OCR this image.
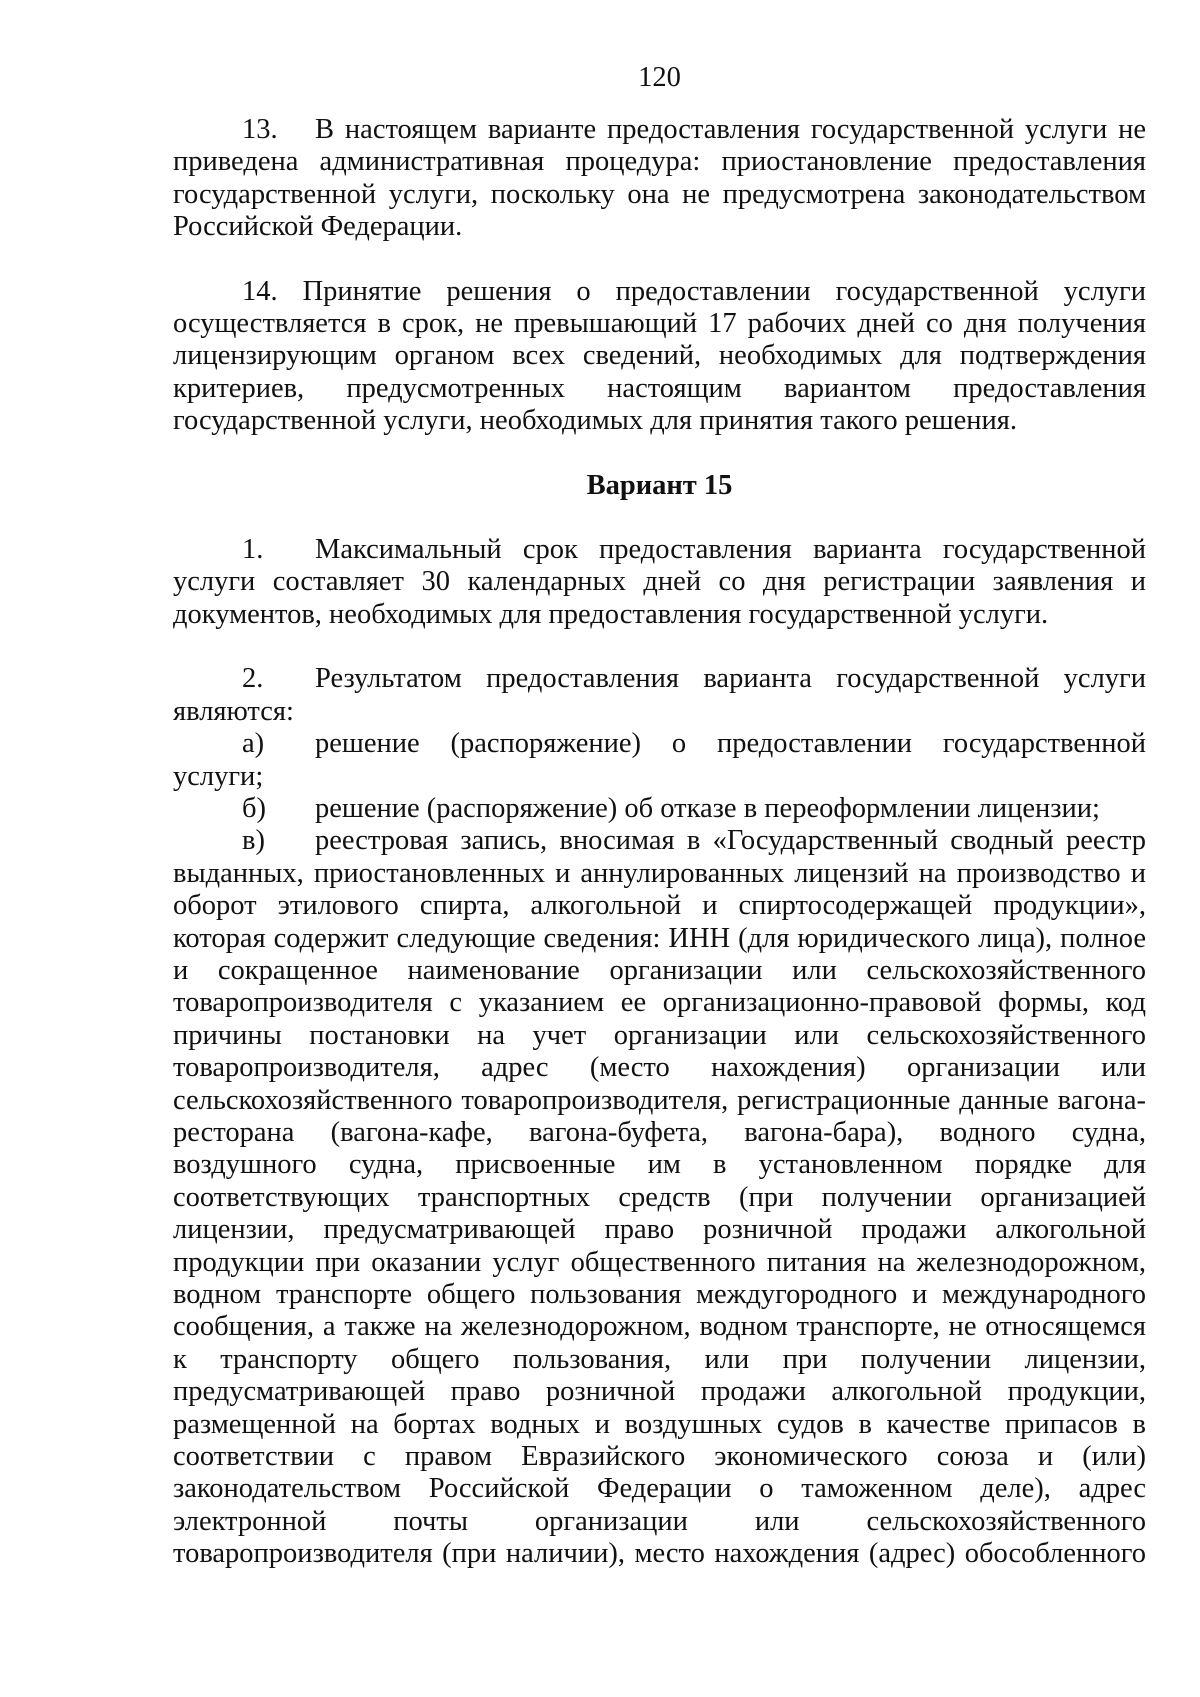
120

13. В настоящем варианте предоставления государственной услуги не приведена административная процедура: приостановление предоставления государственной услуги, поскольку она не предусмотрена законодательством Российской Федерации.

14. Принятие решения о предоставлении государственной услуги осуществляется в срок, не превышающий 17 рабочих дней со дня получения лицензирующим органом всех сведений, необходимых для подтверждения критериев, предусмотренных настоящим вариантом предоставления государственной услуги, необходимых для принятия такого решения.

Вариант 15

1. Максимальный срок предоставления варианта государственной услуги составляет 30 календарных дней со дня регистрации заявления и документов, необходимых для предоставления государственной услуги.

2. Результатом предоставления варианта государственной услуги являются:

а) решение (распоряжение) о предоставлении государственной услуги;

б) решение (распоряжение) об отказе в переоформлении лицензии;

в) реестровая запись, вносимая в «Государственный сводный реестр выданных, приостановленных и аннулированных лицензий на производство и оборот этилового спирта, алкогольной и спиртосодержащей продукции», которая содержит следующие сведения: ИНН (для юридического лица), полное и сокращенное наименование организации или сельскохозяйственного товаропроизводителя с указанием ее организационно-правовой формы, код причины постановки на учет организации или сельскохозяйственного товаропроизводителя, адрес (место нахождения) организации или сельскохозяйственного товаропроизводителя, регистрационные данные вагона-ресторана (вагона-кафе, вагона-буфета, вагона-бара), водного судна, воздушного судна, присвоенные им в установленном порядке для соответствующих транспортных средств (при получении организацией лицензии, предусматривающей право розничной продажи алкогольной продукции при оказании услуг общественного питания на железнодорожном, водном транспорте общего пользования междугородного и международного сообщения, а также на железнодорожном, водном транспорте, не относящемся к транспорту общего пользования, или при получении лицензии, предусматривающей право розничной продажи алкогольной продукции, размещенной на бортах водных и воздушных судов в качестве припасов в соответствии с правом Евразийского экономического союза и (или) законодательством Российской Федерации о таможенном деле), адрес электронной почты организации или сельскохозяйственного товаропроизводителя (при наличии), место нахождения (адрес) обособленного
